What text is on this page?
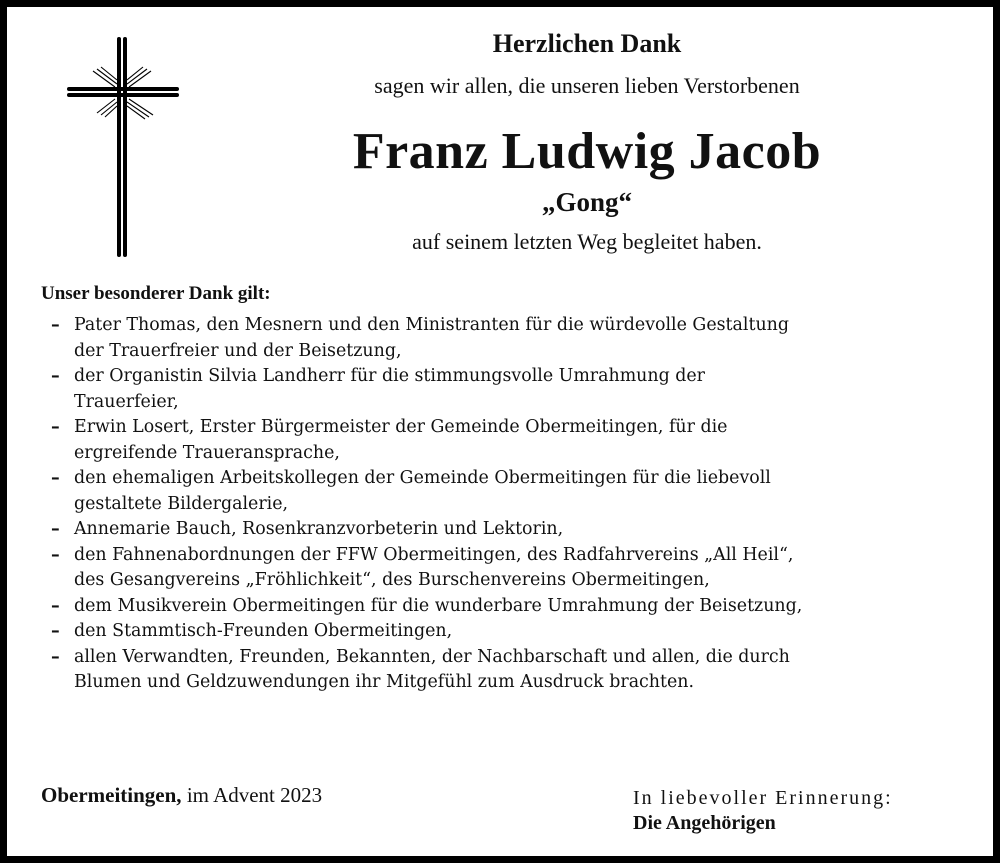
Herzlichen Dank
sagen wir allen, die unseren lieben Verstorbenen
Franz Ludwig Jacob
„Gong“
auf seinem letzten Weg begleitet haben.
Unser besonderer Dank gilt:
– Pater Thomas, den Mesnern und den Ministranten für die würdevolle Gestaltung
der Trauerfreier und der Beisetzung,
– der Organistin Silvia Landherr für die stimmungsvolle Umrahmung der
Trauerfeier,
– Erwin Losert, Erster Bürgermeister der Gemeinde Obermeitingen, für die
ergreifende Traueransprache,
– den ehemaligen Arbeitskollegen der Gemeinde Obermeitingen für die liebevoll
gestaltete Bildergalerie,
– Annemarie Bauch, Rosenkranzvorbeterin und Lektorin,
– den Fahnenabordnungen der FFW Obermeitingen, des Radfahrvereins „All Heil“,
des Gesangvereins „Fröhlichkeit“, des Burschenvereins Obermeitingen,
– dem Musikverein Obermeitingen für die wunderbare Umrahmung der Beisetzung,
– den Stammtisch-Freunden Obermeitingen,
– allen Verwandten, Freunden, Bekannten, der Nachbarschaft und allen, die durch
Blumen und Geldzuwendungen ihr Mitgefühl zum Ausdruck brachten.
Obermeitingen, im Advent 2023	In liebevoller Erinnerung:
Die Angehörigen
